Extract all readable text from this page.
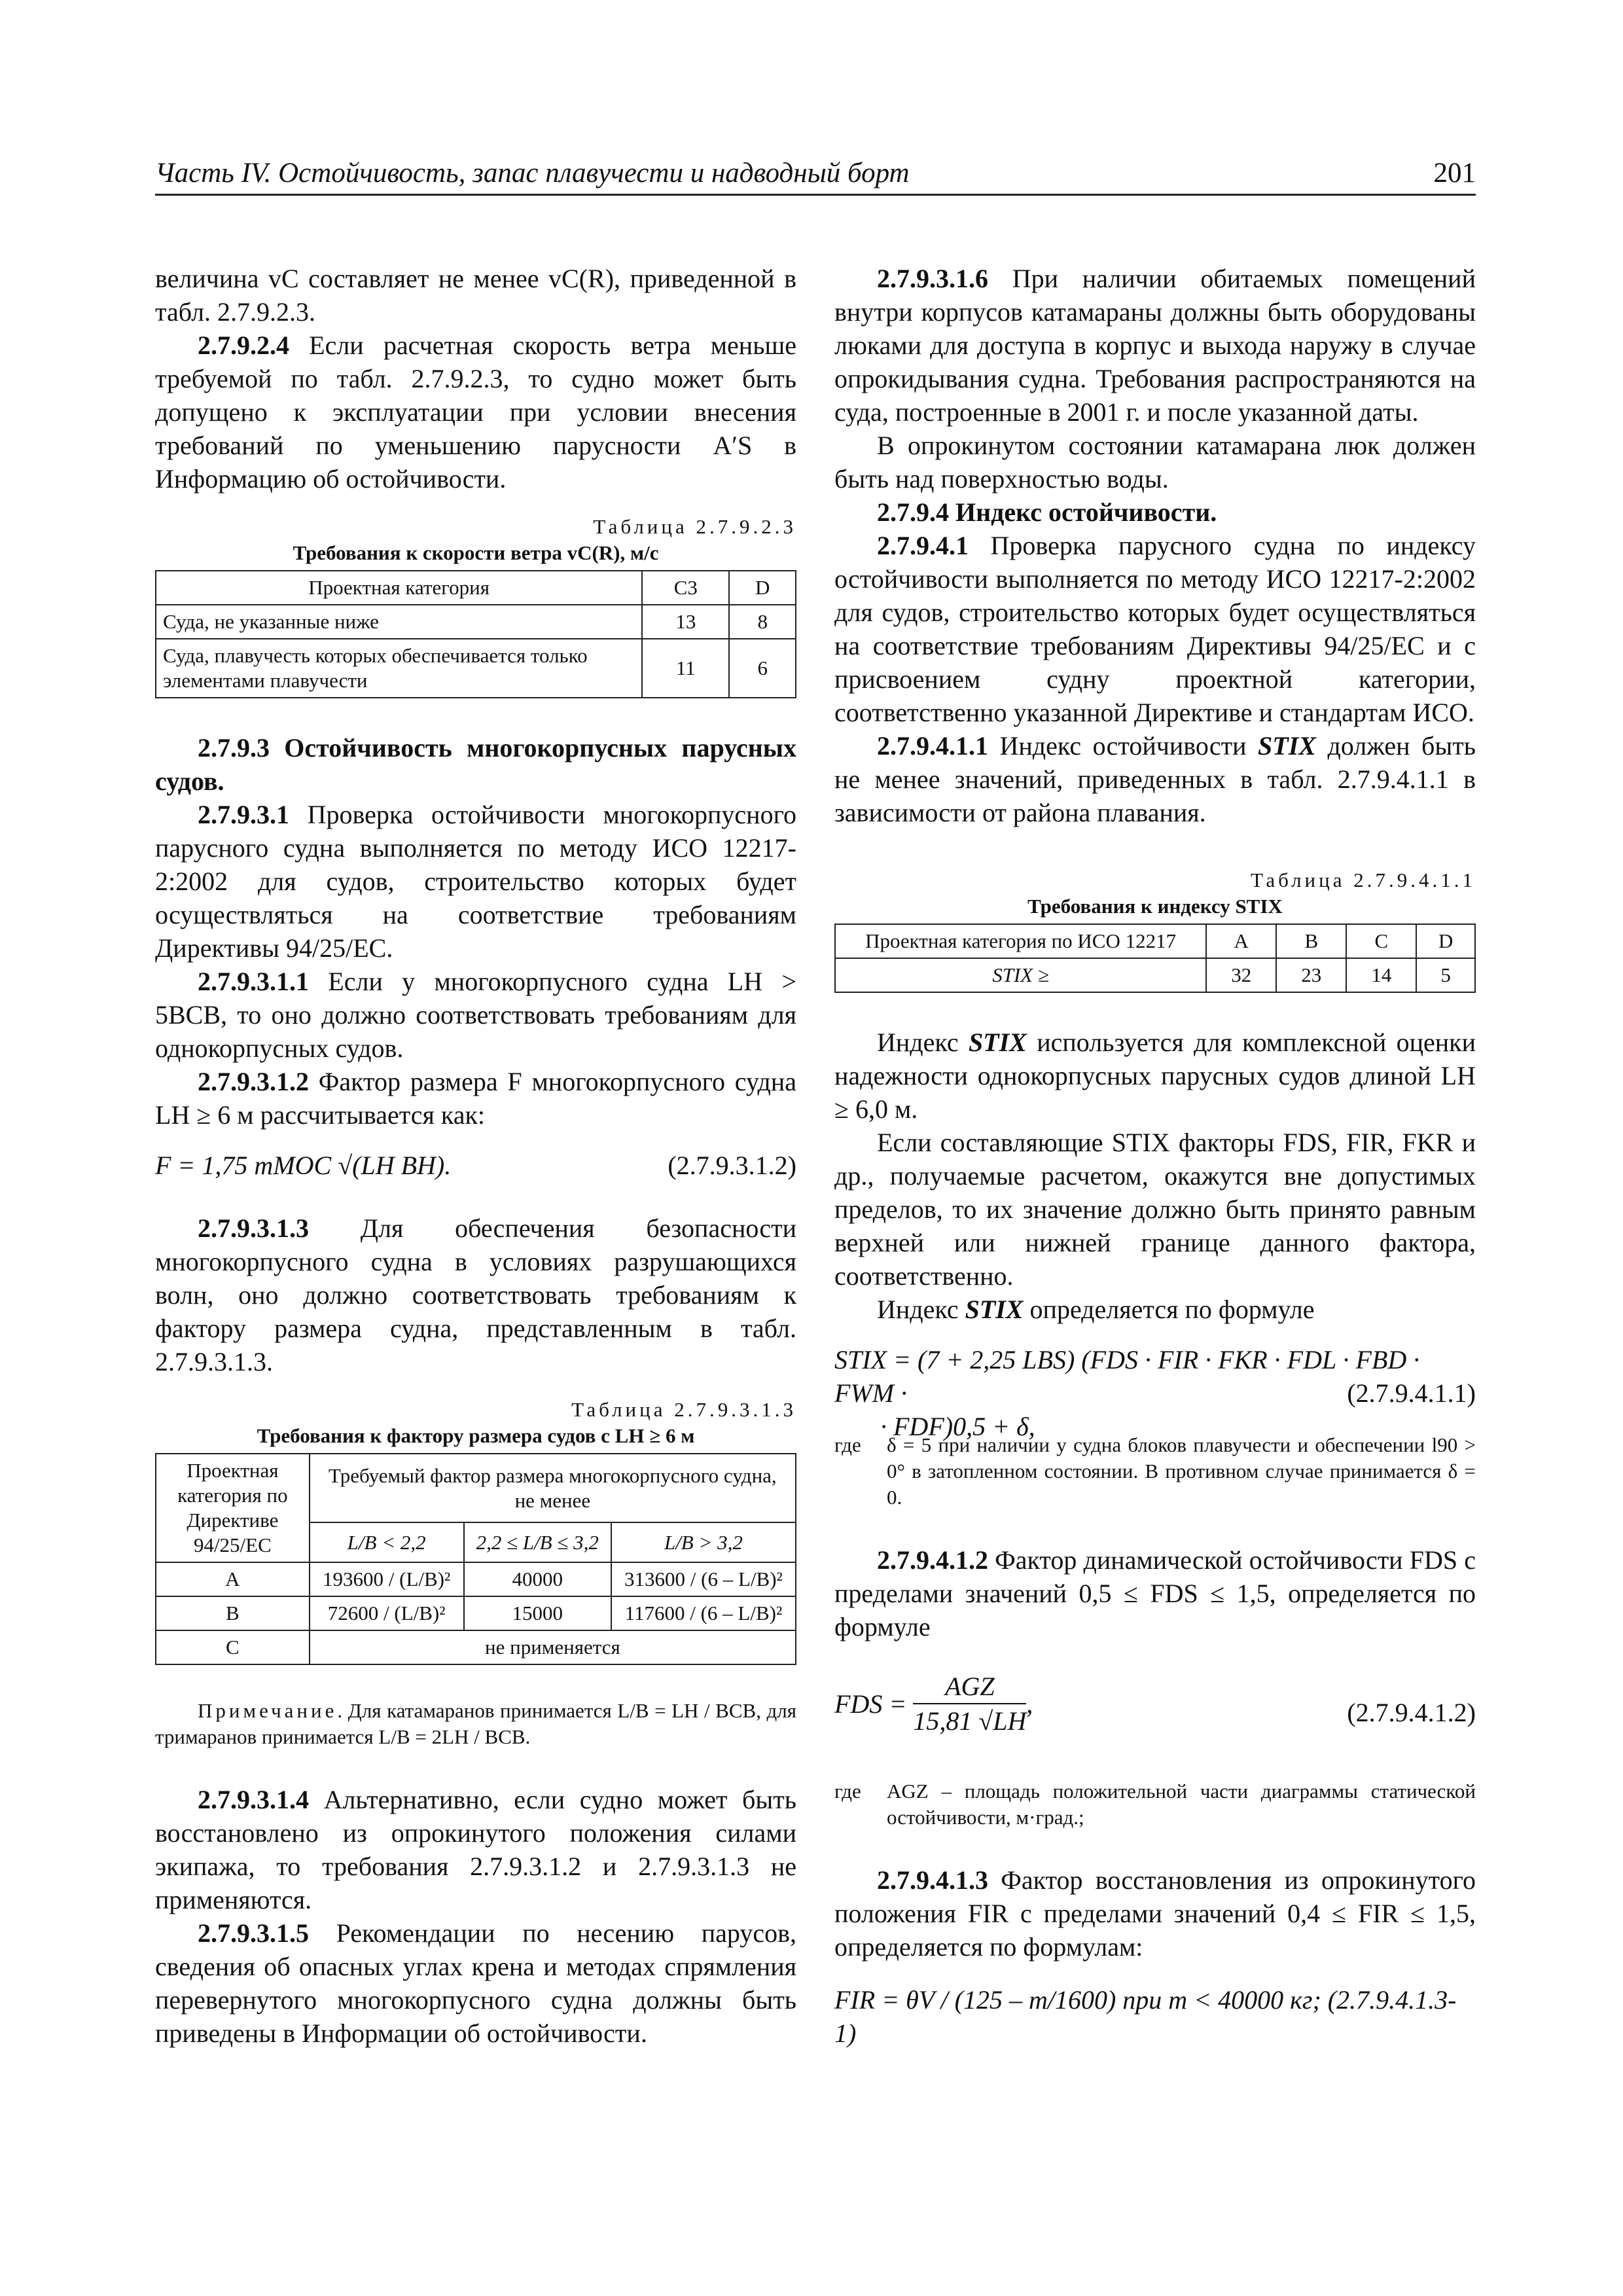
Часть IV. Остойчивость, запас плавучести и надводный борт	201

величина vC составляет не менее vC(R), приведенной в табл. 2.7.9.2.3.

2.7.9.2.4 Если расчетная скорость ветра меньше требуемой по табл. 2.7.9.2.3, то судно может быть допущено к эксплуатации при условии внесения требований по уменьшению парусности A′S в Информацию об остойчивости.

Таблица 2.7.9.2.3
Требования к скорости ветра vC(R), м/с
Проектная категория	C3	D
Суда, не указанные ниже	13	8
Суда, плавучесть которых обеспечивается только элементами плавучести	11	6

2.7.9.3 Остойчивость многокорпусных парусных судов.

2.7.9.3.1 Проверка остойчивости многокорпусного парусного судна выполняется по методу ИСО 12217-2:2002 для судов, строительство которых будет осуществляться на соответствие требованиям Директивы 94/25/ЕС.

2.7.9.3.1.1 Если у многокорпусного судна LH > 5BCB, то оно должно соответствовать требованиям для однокорпусных судов.

2.7.9.3.1.2 Фактор размера F многокорпусного судна LH ≥ 6 м рассчитывается как:

F = 1,75 mMOC √(LH BH).	(2.7.9.3.1.2)

2.7.9.3.1.3 Для обеспечения безопасности многокорпусного судна в условиях разрушающихся волн, оно должно соответствовать требованиям к фактору размера судна, представленным в табл. 2.7.9.3.1.3.

Таблица 2.7.9.3.1.3
Требования к фактору размера судов с LH ≥ 6 м
Проектная категория по Директиве 94/25/ЕС	Требуемый фактор размера многокорпусного судна, не менее		
	L/B < 2,2	2,2 ≤ L/B ≤ 3,2	L/B > 3,2
A	193600 / (L/B)²	40000	313600 / (6 – L/B)²
B	72600 / (L/B)²	15000	117600 / (6 – L/B)²
C	не применяется		

Примечание. Для катамаранов принимается L/B = LH / BCB, для тримаранов принимается L/B = 2LH / BCB.

2.7.9.3.1.4 Альтернативно, если судно может быть восстановлено из опрокинутого положения силами экипажа, то требования 2.7.9.3.1.2 и 2.7.9.3.1.3 не применяются.

2.7.9.3.1.5 Рекомендации по несению парусов, сведения об опасных углах крена и методах спрямления перевернутого многокорпусного судна должны быть приведены в Информации об остойчивости.

2.7.9.3.1.6 При наличии обитаемых помещений внутри корпусов катамараны должны быть оборудованы люками для доступа в корпус и выхода наружу в случае опрокидывания судна. Требования распространяются на суда, построенные в 2001 г. и после указанной даты.

В опрокинутом состоянии катамарана люк должен быть над поверхностью воды.

2.7.9.4 Индекс остойчивости.

2.7.9.4.1 Проверка парусного судна по индексу остойчивости выполняется по методу ИСО 12217-2:2002 для судов, строительство которых будет осуществляться на соответствие требованиям Директивы 94/25/ЕС и с присвоением судну проектной категории, соответственно указанной Директиве и стандартам ИСО.

2.7.9.4.1.1 Индекс остойчивости STIX должен быть не менее значений, приведенных в табл. 2.7.9.4.1.1 в зависимости от района плавания.

Таблица 2.7.9.4.1.1
Требования к индексу STIX
Проектная категория по ИСО 12217	A	B	C	D
STIX ≥	32	23	14	5

Индекс STIX используется для комплексной оценки надежности однокорпусных парусных судов длиной LH ≥ 6,0 м.

Если составляющие STIX факторы FDS, FIR, FKR и др., получаемые расчетом, окажутся вне допустимых пределов, то их значение должно быть принято равным верхней или нижней границе данного фактора, соответственно.

Индекс STIX определяется по формуле

STIX = (7 + 2,25 LBS) (FDS · FIR · FKR · FDL · FBD · FWM ·
· FDF)0,5 + δ,
(2.7.9.4.1.1)
где	δ = 5 при наличии у судна блоков плавучести и обеспечении l90 > 0° в затопленном состоянии. В противном случае принимается δ = 0.

2.7.9.4.1.2 Фактор динамической остойчивости FDS с пределами значений 0,5 ≤ FDS ≤ 1,5, определяется по формуле

FDS = $\frac{\text{AGZ}}{15,81 √LH}$ ,	(2.7.9.4.1.2)
где	AGZ – площадь положительной части диаграммы статической остойчивости, м·град.;

2.7.9.4.1.3 Фактор восстановления из опрокинутого положения FIR с пределами значений 0,4 ≤ FIR ≤ 1,5, определяется по формулам:

FIR = θV / (125 – m/1600) при m < 40000 кг; (2.7.9.4.1.3-1)
